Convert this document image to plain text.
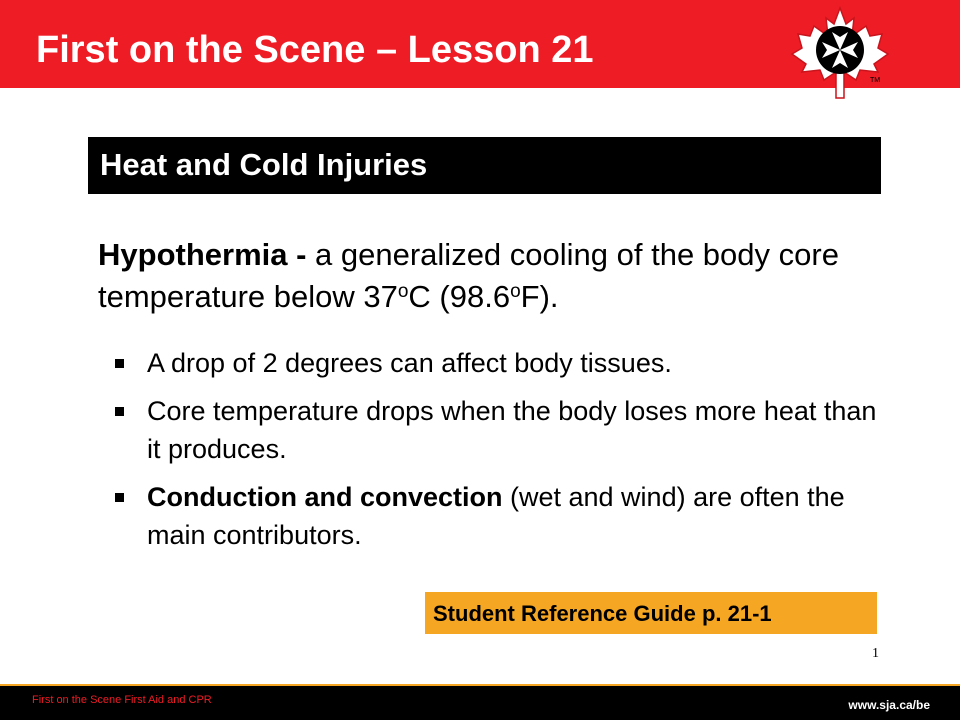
First on the Scene – Lesson 21
TM
Heat and Cold Injuries
Hypothermia - a generalized cooling of the body core temperature below 37$^o$C (98.6$^o$F).
A drop of 2 degrees can affect body tissues.
Core temperature drops when the body loses more heat than it produces.
Conduction and convection (wet and wind) are often the main contributors.
Student Reference Guide p. 21-1
1
First on the Scene First Aid and CPR	www.sja.ca/be
